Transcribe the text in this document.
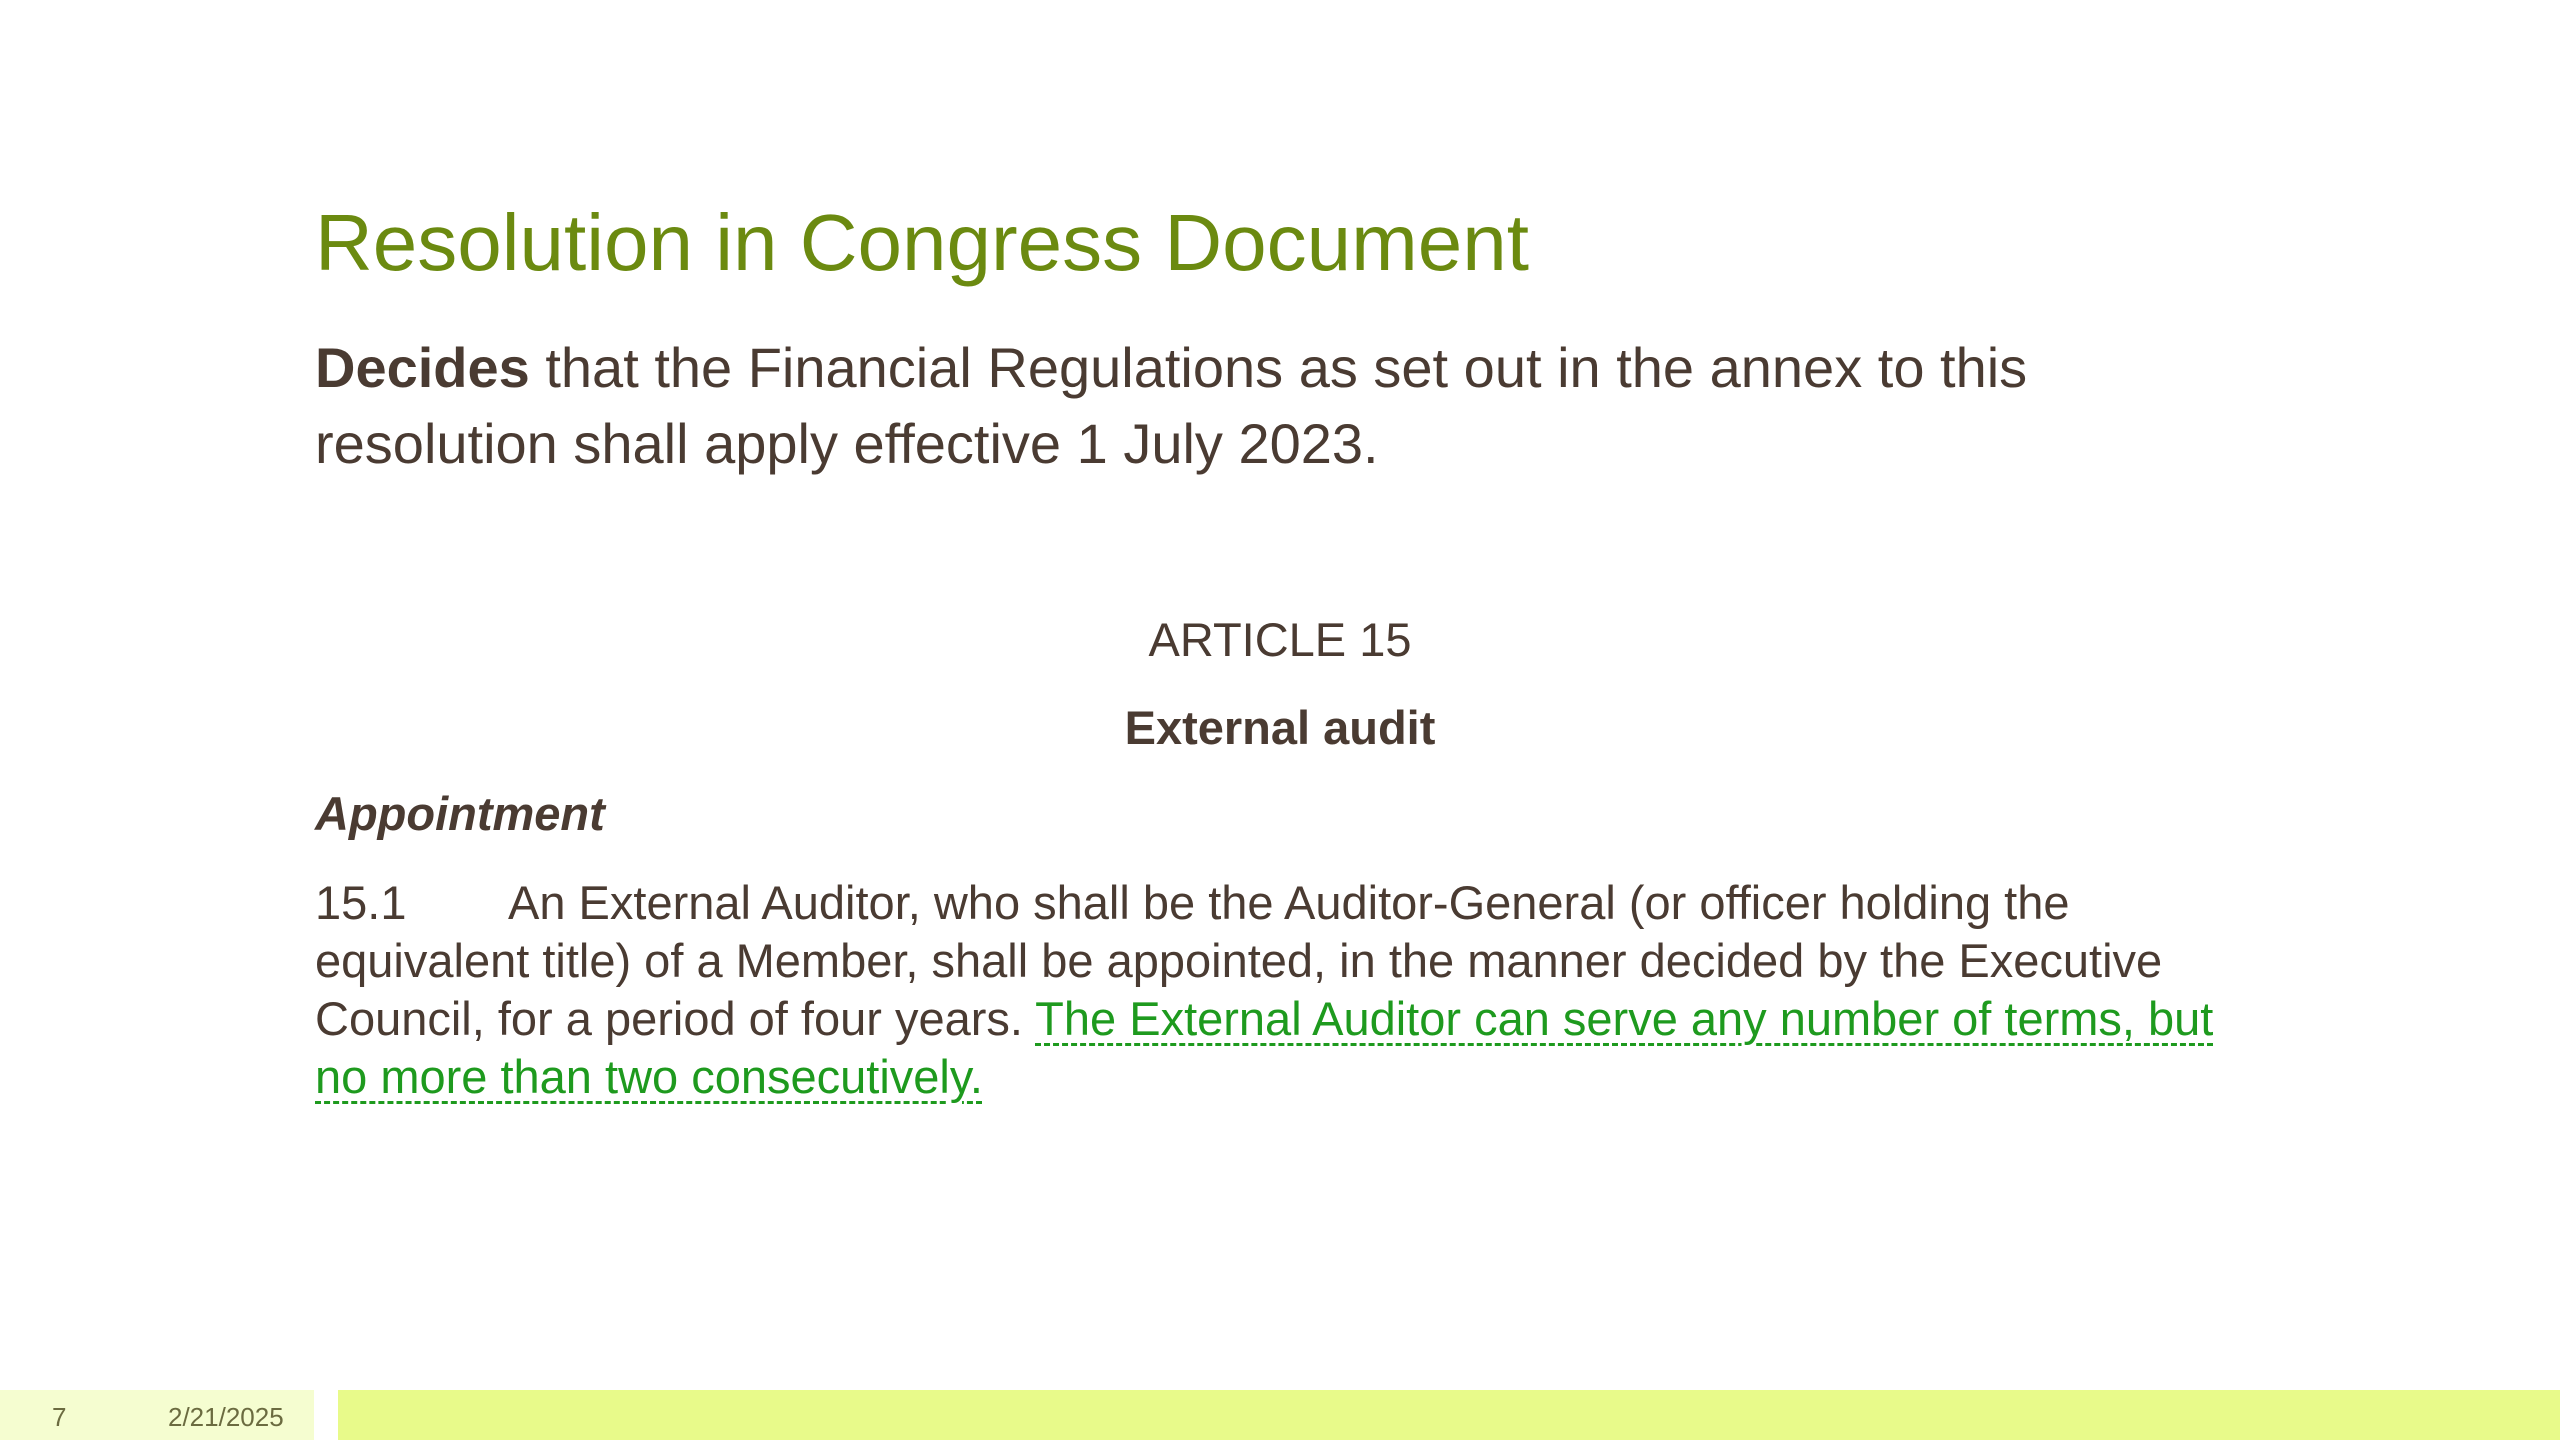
Resolution in Congress Document

Decides that the Financial Regulations as set out in the annex to this resolution shall apply effective 1 July 2023.

ARTICLE 15
External audit
Appointment

15.1 An External Auditor, who shall be the Auditor-General (or officer holding the equivalent title) of a Member, shall be appointed, in the manner decided by the Executive Council, for a period of four years. The External Auditor can serve any number of terms, but no more than two consecutively.

7	2/21/2025
